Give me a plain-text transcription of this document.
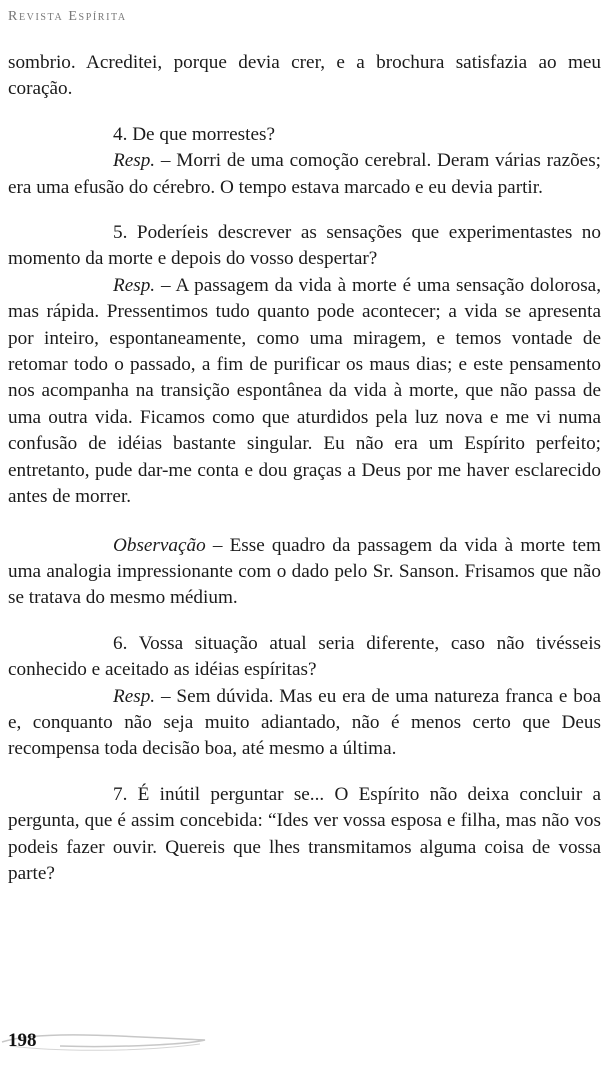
Revista Espírita

sombrio. Acreditei, porque devia crer, e a brochura satisfazia ao meu coração.

4. De que morrestes?

Resp. – Morri de uma comoção cerebral. Deram várias razões; era uma efusão do cérebro. O tempo estava marcado e eu devia partir.

5. Poderíeis descrever as sensações que experimentastes no momento da morte e depois do vosso despertar?

Resp. – A passagem da vida à morte é uma sensação dolorosa, mas rápida. Pressentimos tudo quanto pode acontecer; a vida se apresenta por inteiro, espontaneamente, como uma miragem, e temos vontade de retomar todo o passado, a fim de purificar os maus dias; e este pensamento nos acompanha na transição espontânea da vida à morte, que não passa de uma outra vida. Ficamos como que aturdidos pela luz nova e me vi numa confusão de idéias bastante singular. Eu não era um Espírito perfeito; entretanto, pude dar-me conta e dou graças a Deus por me haver esclarecido antes de morrer.

Observação – Esse quadro da passagem da vida à morte tem uma analogia impressionante com o dado pelo Sr. Sanson. Frisamos que não se tratava do mesmo médium.

6. Vossa situação atual seria diferente, caso não tivésseis conhecido e aceitado as idéias espíritas?

Resp. – Sem dúvida. Mas eu era de uma natureza franca e boa e, conquanto não seja muito adiantado, não é menos certo que Deus recompensa toda decisão boa, até mesmo a última.

7. É inútil perguntar se... O Espírito não deixa concluir a pergunta, que é assim concebida: “Ides ver vossa esposa e filha, mas não vos podeis fazer ouvir. Quereis que lhes transmitamos alguma coisa de vossa parte?

198
